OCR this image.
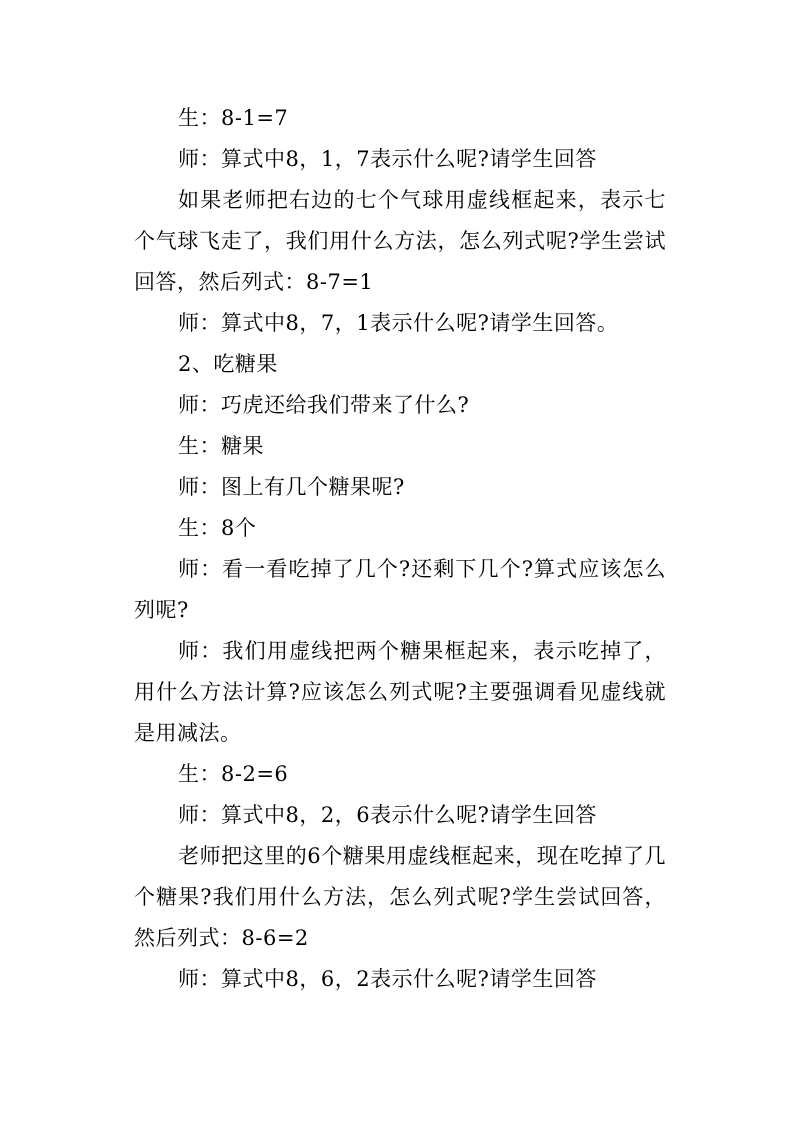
生：8-1=7

师：算式中8，1，7表示什么呢?请学生回答

如果老师把右边的七个气球用虚线框起来，表示七个气球飞走了，我们用什么方法，怎么列式呢?学生尝试回答，然后列式：8-7=1

师：算式中8，7，1表示什么呢?请学生回答。

2、吃糖果

师：巧虎还给我们带来了什么?

生：糖果

师：图上有几个糖果呢?

生：8个

师：看一看吃掉了几个?还剩下几个?算式应该怎么列呢?

师：我们用虚线把两个糖果框起来，表示吃掉了，用什么方法计算?应该怎么列式呢?主要强调看见虚线就是用减法。

生：8-2=6

师：算式中8，2，6表示什么呢?请学生回答

老师把这里的6个糖果用虚线框起来，现在吃掉了几个糖果?我们用什么方法，怎么列式呢?学生尝试回答，然后列式：8-6=2

师：算式中8，6，2表示什么呢?请学生回答
